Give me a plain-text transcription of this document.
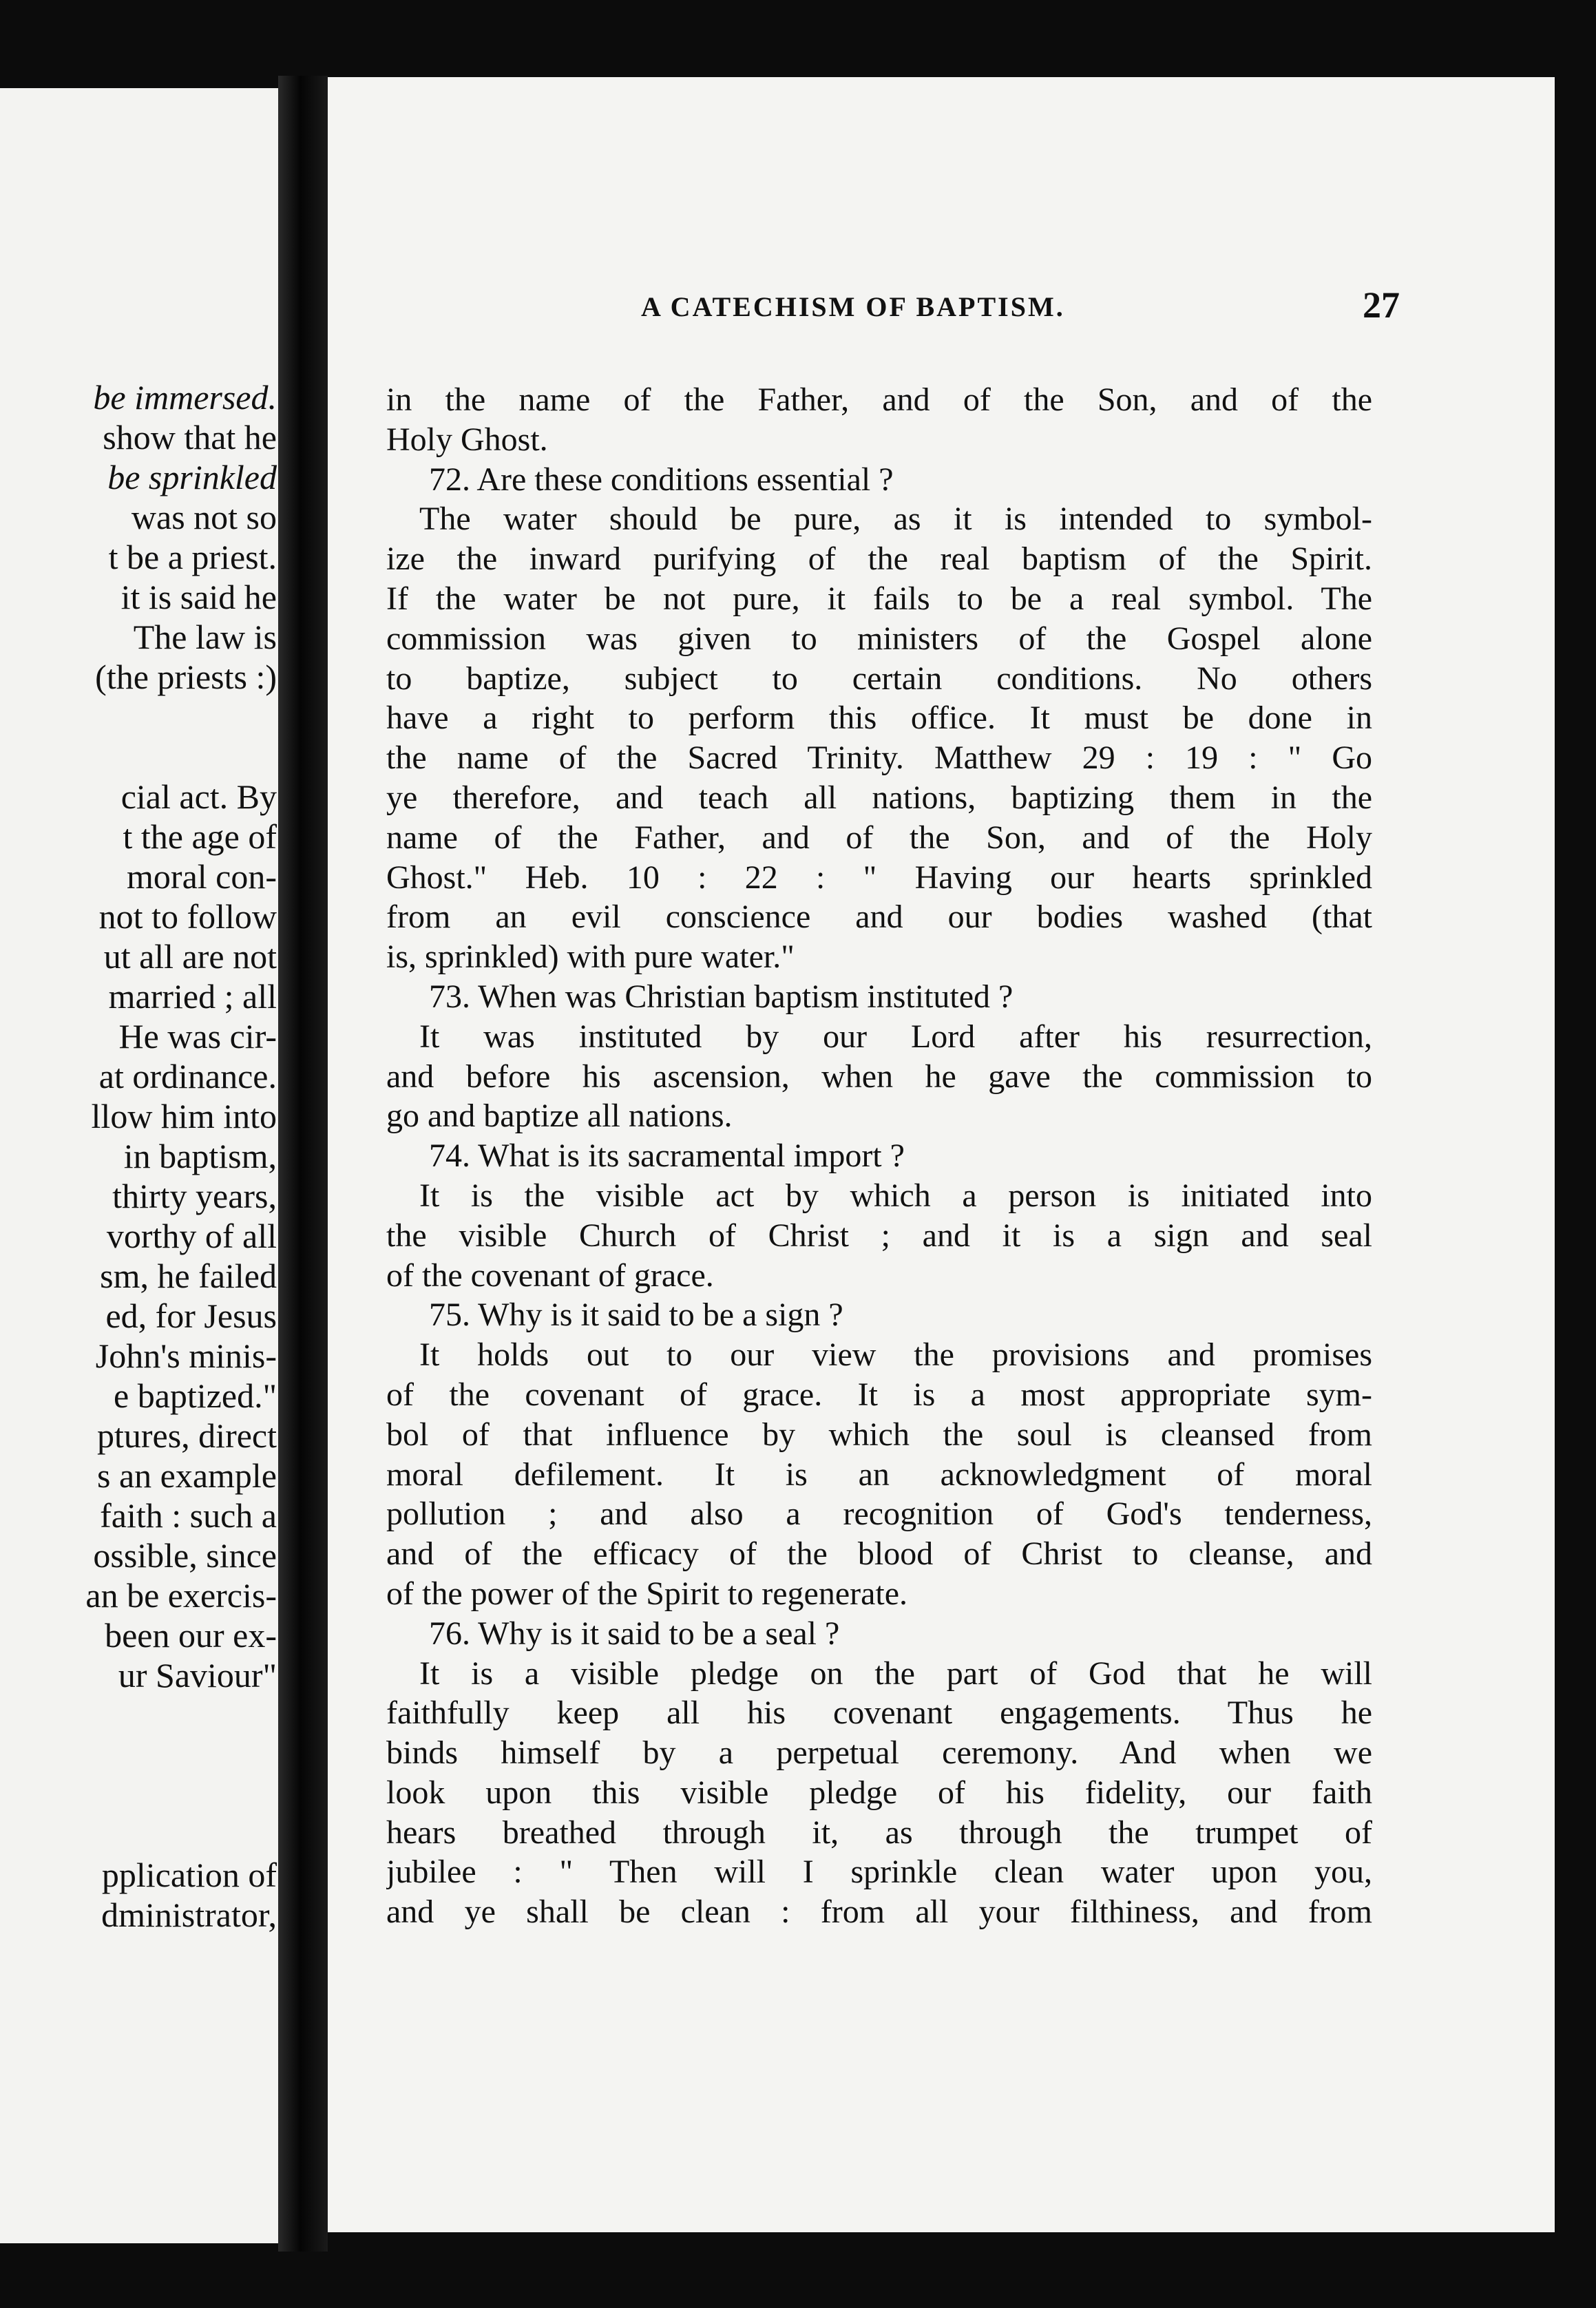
be immersed.
show that he
be sprinkled
was not so
t be a priest.
it is said he
The law is
(the priests :)
cial act. By
t the age of
moral con-
not to follow
ut all are not
married ; all
He was cir-
at ordinance.
llow him into
in baptism,
thirty years,
vorthy of all
sm, he failed
ed, for Jesus
John's minis-
e baptized."
ptures, direct
s an example
faith : such a
ossible, since
an be exercis-
been our ex-
ur Saviour"
pplication of
dministrator,
A CATECHISM OF BAPTISM.	27
in the name of the Father, and of the Son, and of the
Holy Ghost.
72. Are these conditions essential ?
The water should be pure, as it is intended to symbol-
ize the inward purifying of the real baptism of the Spirit.
If the water be not pure, it fails to be a real symbol. The
commission was given to ministers of the Gospel alone
to baptize, subject to certain conditions. No others
have a right to perform this office. It must be done in
the name of the Sacred Trinity. Matthew 29 : 19 : " Go
ye therefore, and teach all nations, baptizing them in the
name of the Father, and of the Son, and of the Holy
Ghost." Heb. 10 : 22 : " Having our hearts sprinkled
from an evil conscience and our bodies washed (that
is, sprinkled) with pure water."
73. When was Christian baptism instituted ?
It was instituted by our Lord after his resurrection,
and before his ascension, when he gave the commission to
go and baptize all nations.
74. What is its sacramental import ?
It is the visible act by which a person is initiated into
the visible Church of Christ ; and it is a sign and seal
of the covenant of grace.
75. Why is it said to be a sign ?
It holds out to our view the provisions and promises
of the covenant of grace. It is a most appropriate sym-
bol of that influence by which the soul is cleansed from
moral defilement. It is an acknowledgment of moral
pollution ; and also a recognition of God's tenderness,
and of the efficacy of the blood of Christ to cleanse, and
of the power of the Spirit to regenerate.
76. Why is it said to be a seal ?
It is a visible pledge on the part of God that he will
faithfully keep all his covenant engagements. Thus he
binds himself by a perpetual ceremony. And when we
look upon this visible pledge of his fidelity, our faith
hears breathed through it, as through the trumpet of
jubilee : " Then will I sprinkle clean water upon you,
and ye shall be clean : from all your filthiness, and from
